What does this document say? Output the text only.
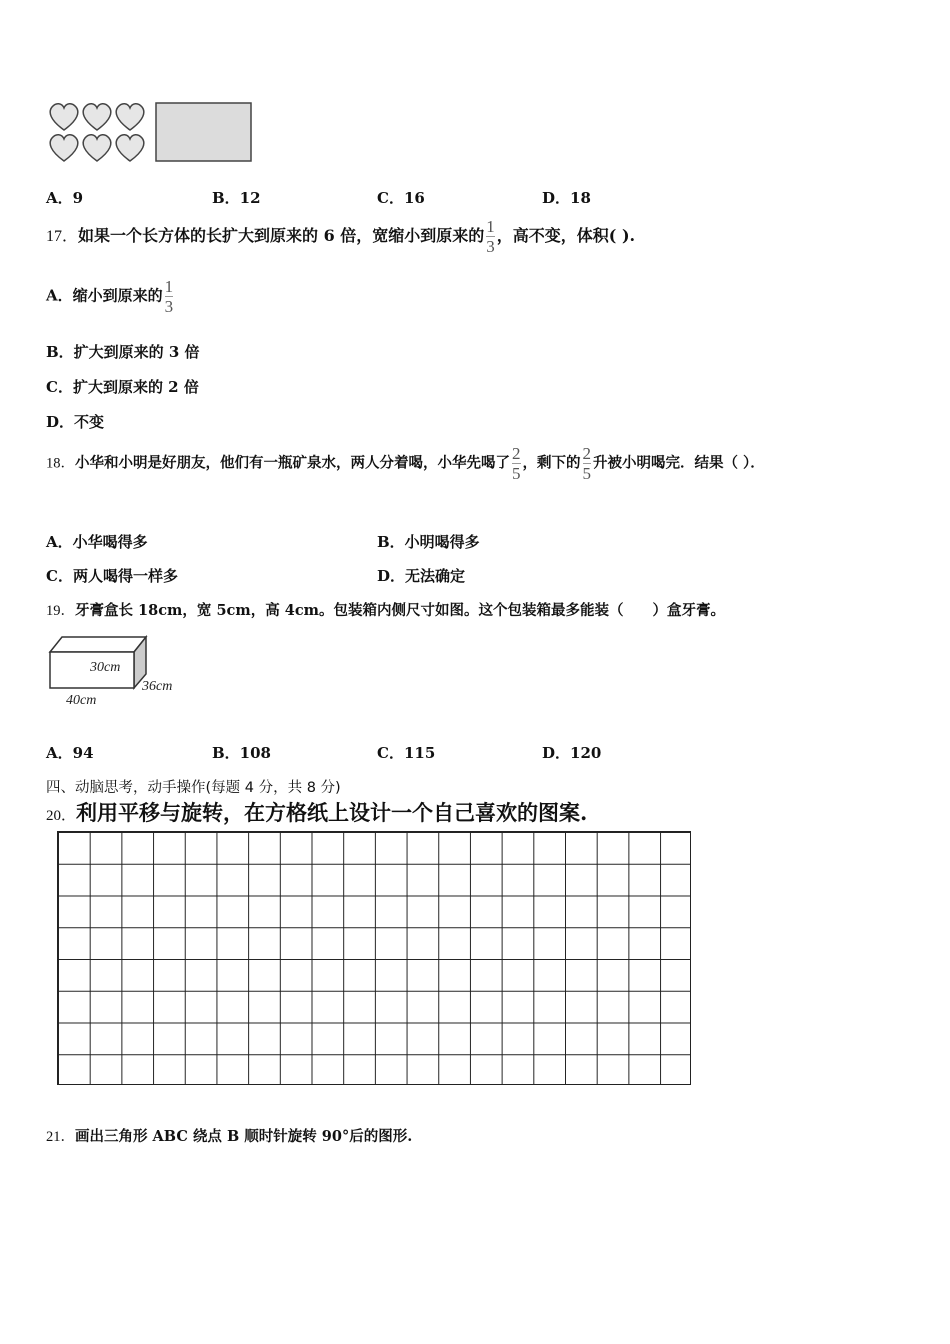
A．9	B．12	C．16	D．18
17．如果一个长方体的长扩大到原来的 6 倍，宽缩小到原来的 $\frac{1}{3}$ ，高不变，体积( ).
A．缩小到原来的 $\frac{1}{3}$
B．扩大到原来的 3 倍
C．扩大到原来的 2 倍
D．不变
18．小华和小明是好朋友，他们有一瓶矿泉水，两人分着喝，小华先喝了 $\frac{2}{5}$ ，剩下的 $\frac{2}{5}$ 升被小明喝完．结果（ ）．
A．小华喝得多	B．小明喝得多
C．两人喝得一样多	D．无法确定
19．牙膏盒长 18cm，宽 5cm，高 4cm。包装箱内侧尺寸如图。这个包装箱最多能装（　　）盒牙膏。
30cm
36cm
40cm
A．94	B．108	C．115	D．120
四、动脑思考，动手操作(每题 4 分，共 8 分)
20．利用平移与旋转，在方格纸上设计一个自己喜欢的图案.
21．画出三角形 ABC 绕点 B 顺时针旋转 90°后的图形.
